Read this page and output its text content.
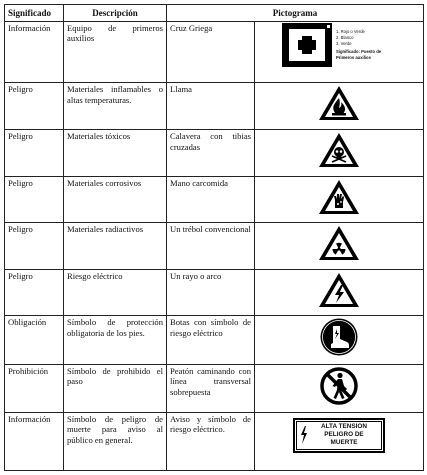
Significado	Descripción	Pictograma	
Información	Equipo de primeros auxilios	Cruz Griega	1. Rojo o Verde
2. Blanco
3. Verde
Significado: Puesto de Primeros auxilios

Peligro	Materiales inflamables o altas temperaturas.	Llama	
Peligro	Materiales tóxicos	Calavera con tibias cruzadas	
Peligro	Materiales corrosivos	Mano carcomida	
Peligro	Materiales radiactivos	Un trébol convencional	
Peligro	Riesgo eléctrico	Un rayo o arco	
Obligación	Símbolo de protección obligatoria de los pies.	Botas con símbolo de riesgo eléctrico	
Prohibición	Símbolo de prohibido el paso	Peatón caminando con línea transversal sobrepuesta	
Información	Símbolo de peligro de muerte para aviso al público en general.	Aviso y símbolo de riesgo eléctrico.	ALTA TENSION
PELIGRO DE
MUERTE
